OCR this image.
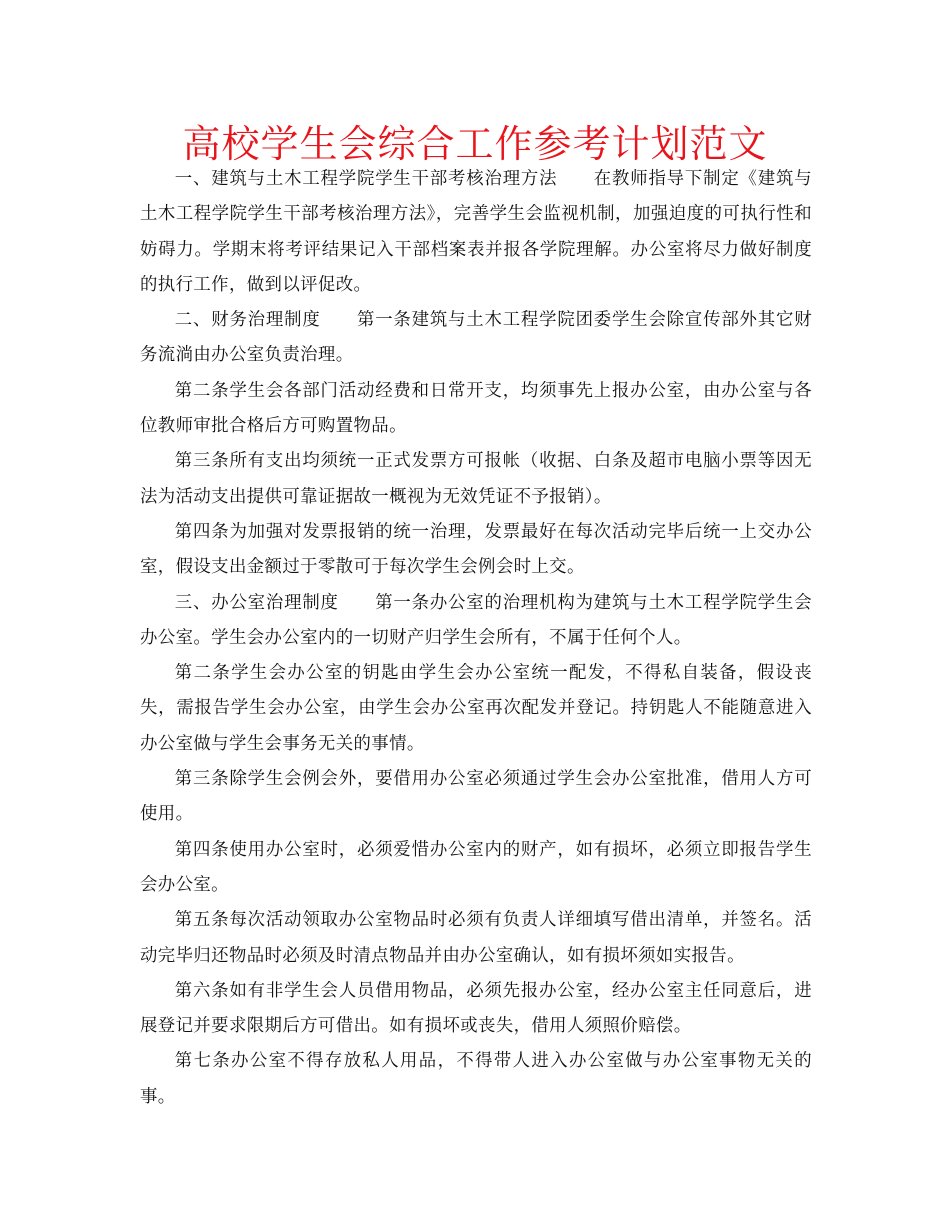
高校学生会综合工作参考计划范文

一、建筑与土木工程学院学生干部考核治理方法　　在教师指导下制定《建筑与土木工程学院学生干部考核治理方法》，完善学生会监视机制，加强迫度的可执行性和妨碍力。学期末将考评结果记入干部档案表并报各学院理解。办公室将尽力做好制度的执行工作，做到以评促改。

二、财务治理制度　　第一条建筑与土木工程学院团委学生会除宣传部外其它财务流淌由办公室负责治理。

第二条学生会各部门活动经费和日常开支，均须事先上报办公室，由办公室与各位教师审批合格后方可购置物品。

第三条所有支出均须统一正式发票方可报帐（收据、白条及超市电脑小票等因无法为活动支出提供可靠证据故一概视为无效凭证不予报销）。

第四条为加强对发票报销的统一治理，发票最好在每次活动完毕后统一上交办公室，假设支出金额过于零散可于每次学生会例会时上交。

三、办公室治理制度　　第一条办公室的治理机构为建筑与土木工程学院学生会办公室。学生会办公室内的一切财产归学生会所有，不属于任何个人。

第二条学生会办公室的钥匙由学生会办公室统一配发，不得私自装备，假设丧失，需报告学生会办公室，由学生会办公室再次配发并登记。持钥匙人不能随意进入办公室做与学生会事务无关的事情。

第三条除学生会例会外，要借用办公室必须通过学生会办公室批准，借用人方可使用。

第四条使用办公室时，必须爱惜办公室内的财产，如有损坏，必须立即报告学生会办公室。

第五条每次活动领取办公室物品时必须有负责人详细填写借出清单，并签名。活动完毕归还物品时必须及时清点物品并由办公室确认，如有损坏须如实报告。

第六条如有非学生会人员借用物品，必须先报办公室，经办公室主任同意后，进展登记并要求限期后方可借出。如有损坏或丧失，借用人须照价赔偿。

第七条办公室不得存放私人用品，不得带人进入办公室做与办公室事物无关的事。
